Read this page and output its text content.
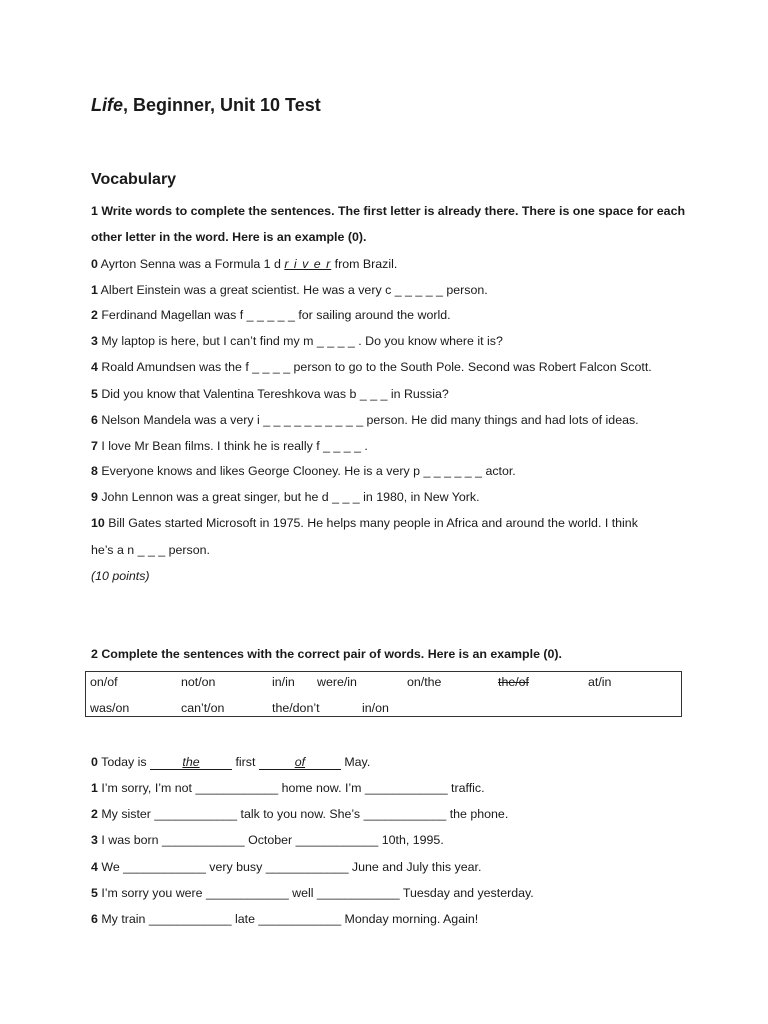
Life, Beginner, Unit 10 Test
Vocabulary
1 Write words to complete the sentences. The first letter is already there. There is one space for each
other letter in the word. Here is an example (0).
0 Ayrton Senna was a Formula 1 d r i v e r from Brazil.
1 Albert Einstein was a great scientist. He was a very c _ _ _ _ _ person.
2 Ferdinand Magellan was f _ _ _ _ _ for sailing around the world.
3 My laptop is here, but I can’t find my m _ _ _ _ . Do you know where it is?
4 Roald Amundsen was the f _ _ _ _ person to go to the South Pole. Second was Robert Falcon Scott.
5 Did you know that Valentina Tereshkova was b _ _ _ in Russia?
6 Nelson Mandela was a very i _ _ _ _ _ _ _ _ _ _ person. He did many things and had lots of ideas.
7 I love Mr Bean films. I think he is really f _ _ _ _ .
8 Everyone knows and likes George Clooney. He is a very p _ _ _ _ _ _ actor.
9 John Lennon was a great singer, but he d _ _ _ in 1980, in New York.
10 Bill Gates started Microsoft in 1975. He helps many people in Africa and around the world. I think
he’s a n _ _ _ person.
(10 points)
2 Complete the sentences with the correct pair of words. Here is an example (0).
on/of	not/on	in/in were/in	on/the	the/of	at/in
was/on	can’t/on	the/don’t	in/on
0 Today is	the	first	of	May.
1 I’m sorry, I’m not ____________ home now. I’m ____________ traffic.
2 My sister ____________ talk to you now. She’s ____________ the phone.
3 I was born ____________ October ____________ 10th, 1995.
4 We ____________ very busy ____________ June and July this year.
5 I’m sorry you were ____________ well ____________ Tuesday and yesterday.
6 My train ____________ late ____________ Monday morning. Again!
